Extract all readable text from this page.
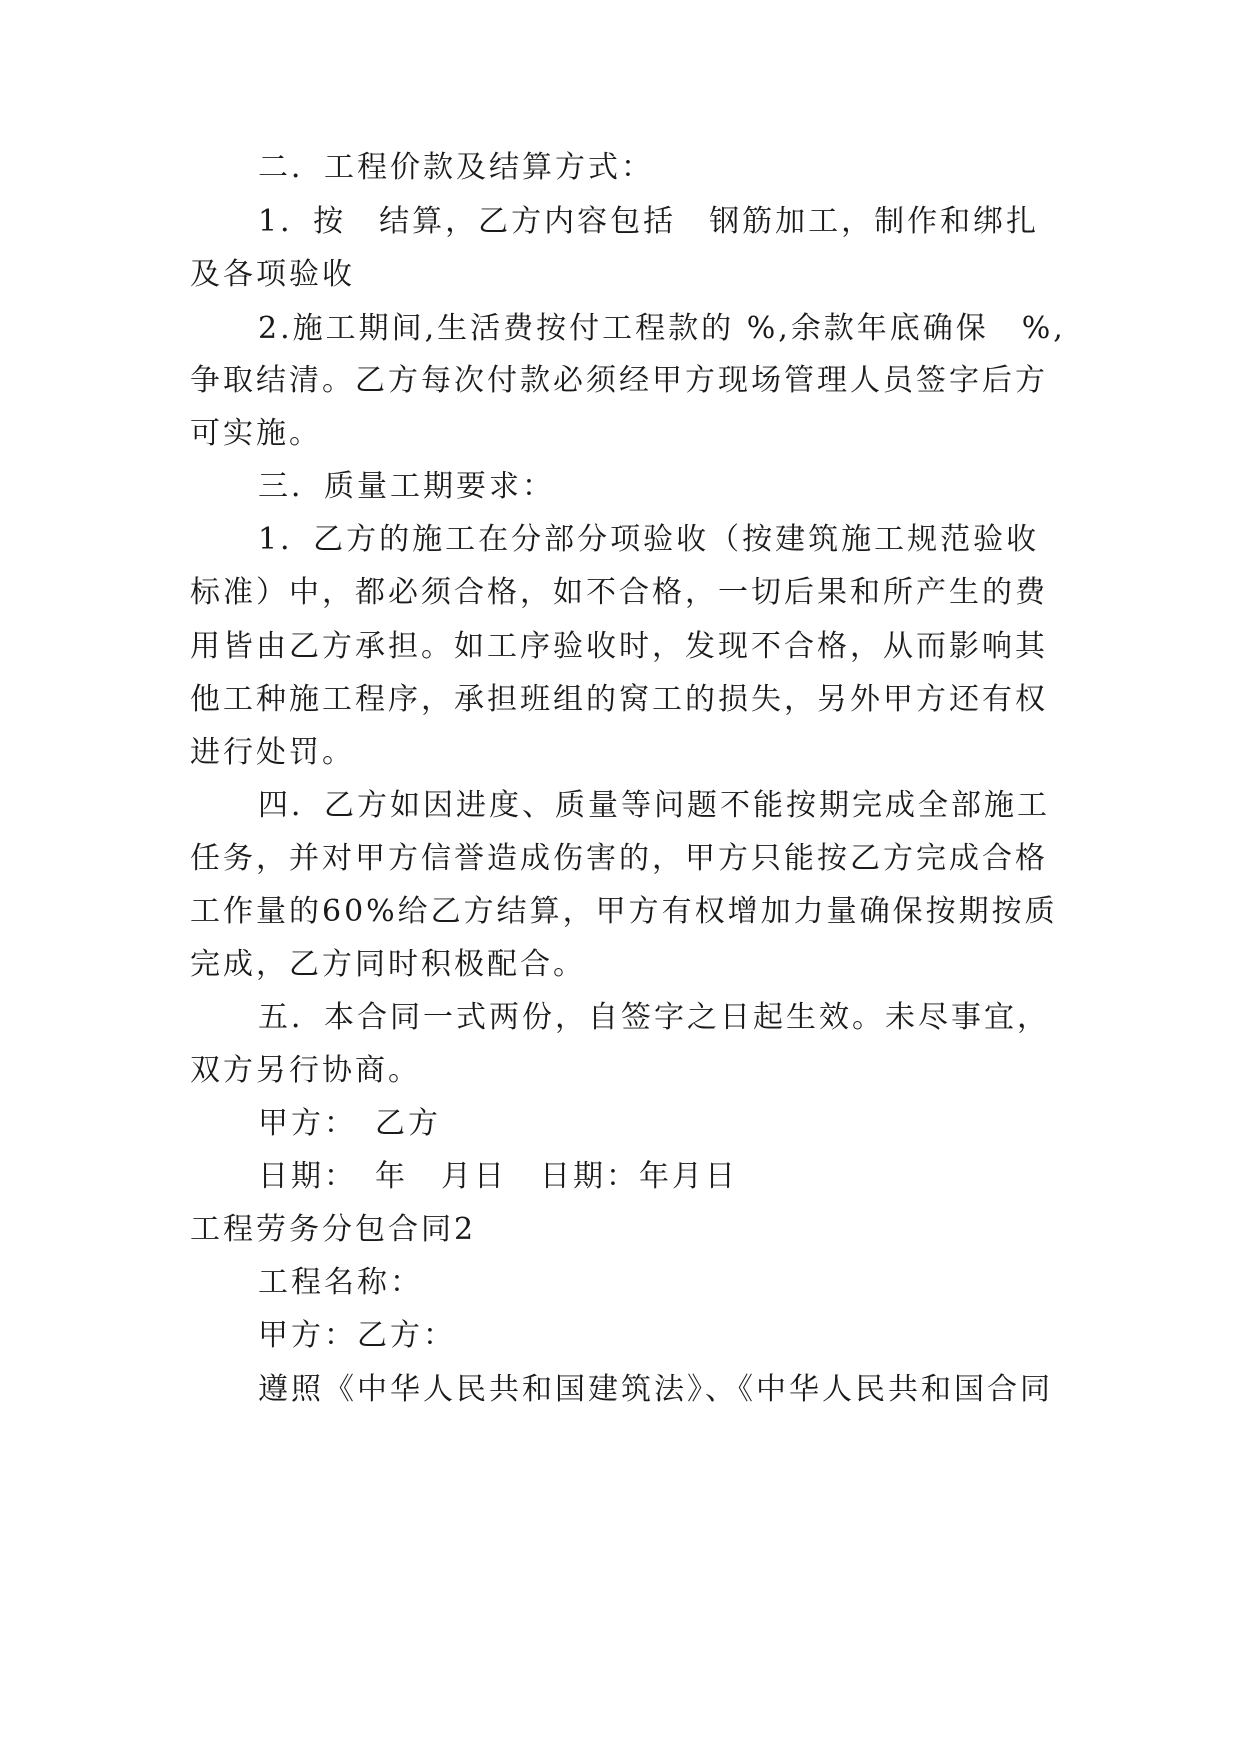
二．工程价款及结算方式：
1．按　结算，乙方内容包括　钢筋加工，制作和绑扎
及各项验收
2.施工期间,生活费按付工程款的 %,余款年底确保　%,
争取结清。乙方每次付款必须经甲方现场管理人员签字后方
可实施。
三．质量工期要求：
1．乙方的施工在分部分项验收（按建筑施工规范验收
标准）中，都必须合格，如不合格，一切后果和所产生的费
用皆由乙方承担。如工序验收时，发现不合格，从而影响其
他工种施工程序，承担班组的窝工的损失，另外甲方还有权
进行处罚。
四．乙方如因进度、质量等问题不能按期完成全部施工
任务，并对甲方信誉造成伤害的，甲方只能按乙方完成合格
工作量的60%给乙方结算，甲方有权增加力量确保按期按质
完成，乙方同时积极配合。
五．本合同一式两份，自签字之日起生效。未尽事宜，
双方另行协商。
甲方：　乙方
日期：　年　月日　日期：年月日
工程劳务分包合同2
工程名称：
甲方：乙方：
遵照《中华人民共和国建筑法》、《中华人民共和国合同
